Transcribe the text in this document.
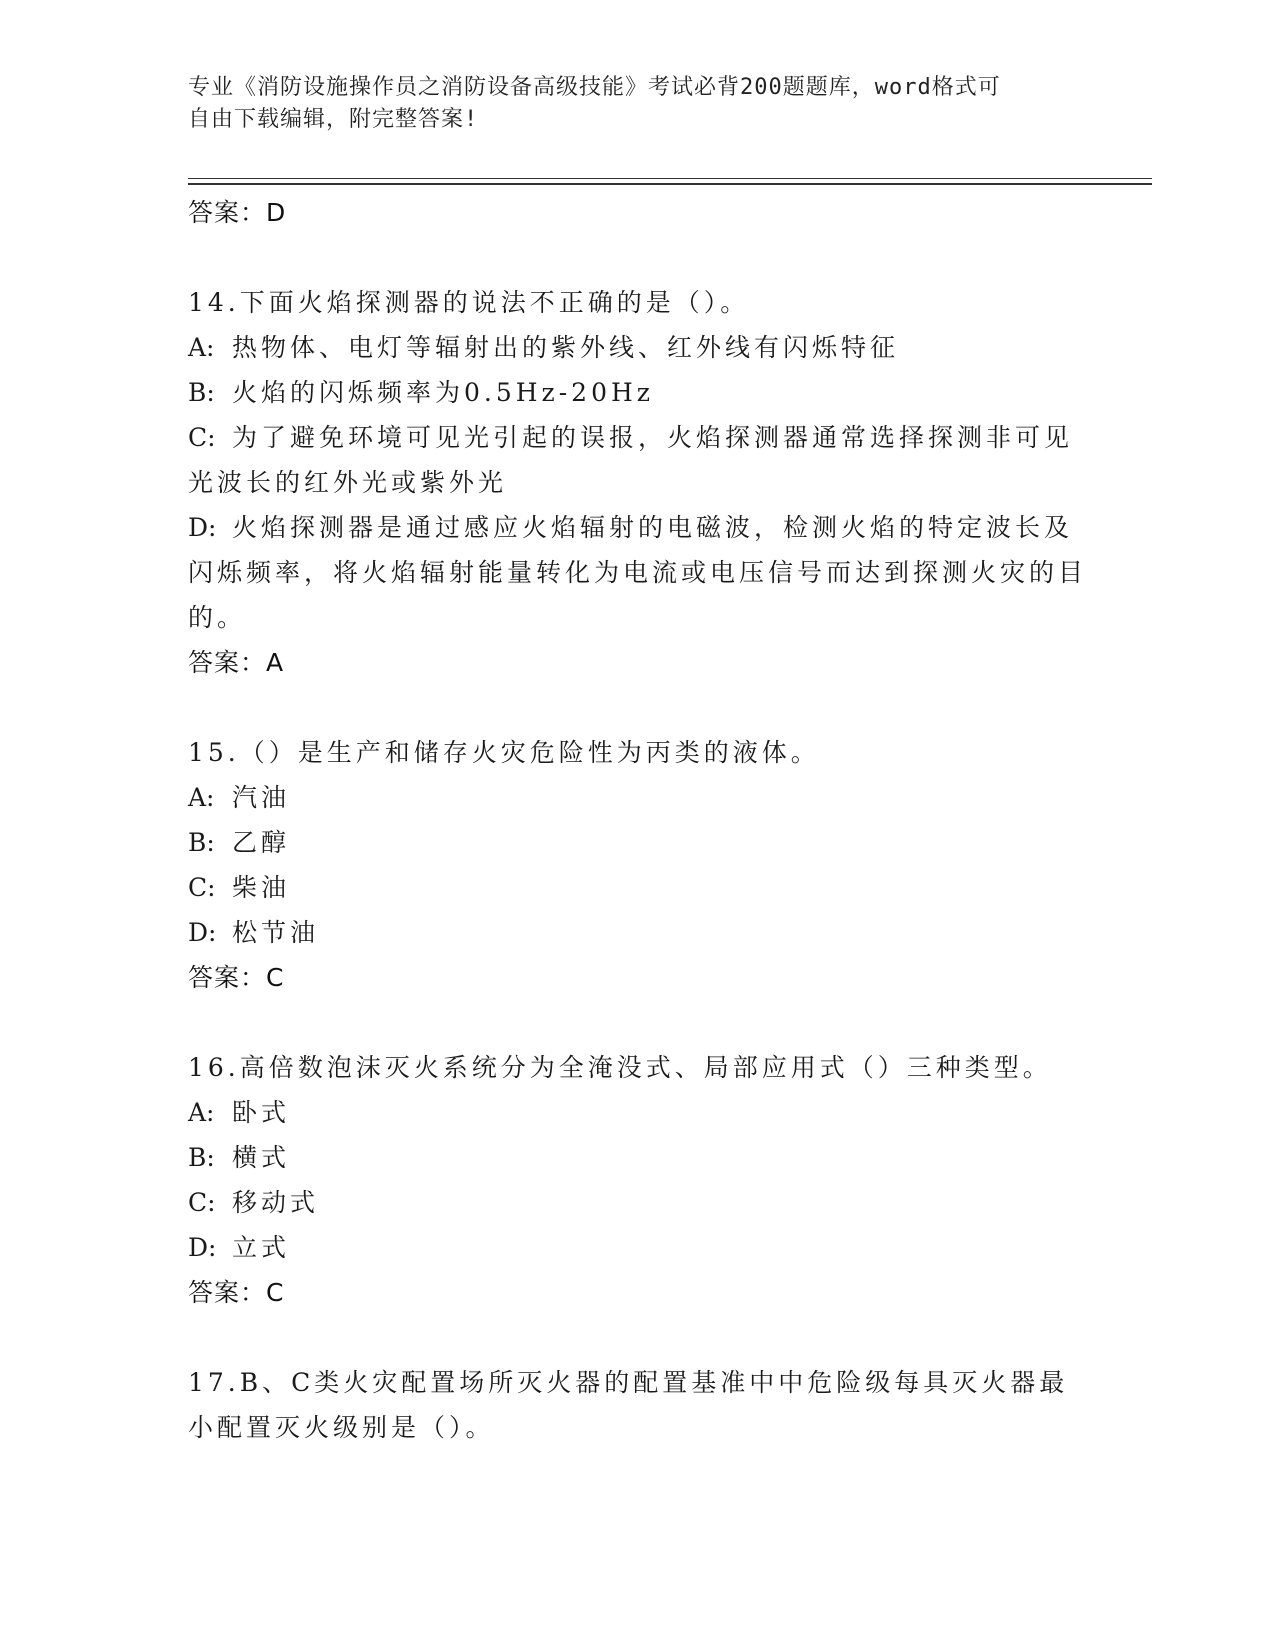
专业《消防设施操作员之消防设备高级技能》考试必背200题题库，word格式可
自由下载编辑，附完整答案!
答案：D
14.下面火焰探测器的说法不正确的是（）。
A: 热物体、电灯等辐射出的紫外线、红外线有闪烁特征
B: 火焰的闪烁频率为0.5Hz-20Hz
C: 为了避免环境可见光引起的误报，火焰探测器通常选择探测非可见光波长的红外光或紫外光
D: 火焰探测器是通过感应火焰辐射的电磁波，检测火焰的特定波长及闪烁频率，将火焰辐射能量转化为电流或电压信号而达到探测火灾的目的。
答案：A
15.（）是生产和储存火灾危险性为丙类的液体。
A: 汽油
B: 乙醇
C: 柴油
D: 松节油
答案：C
16.高倍数泡沫灭火系统分为全淹没式、局部应用式（）三种类型。
A: 卧式
B: 横式
C: 移动式
D: 立式
答案：C
17.B、C类火灾配置场所灭火器的配置基准中中危险级每具灭火器最小配置灭火级别是（）。
